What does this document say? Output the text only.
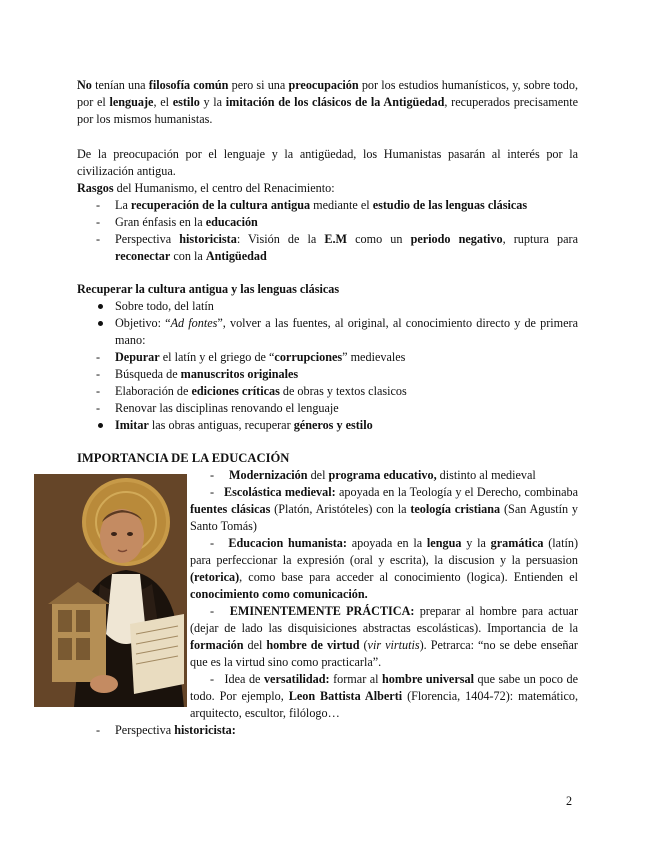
No tenían una filosofía común pero si una preocupación por los estudios humanísticos, y, sobre todo, por el lenguaje, el estilo y la imitación de los clásicos de la Antigüedad, recuperados precisamente por los mismos humanistas.

De la preocupación por el lenguaje y la antigüedad, los Humanistas pasarán al interés por la civilización antigua.

Rasgos del Humanismo, el centro del Renacimiento:

- La recuperación de la cultura antigua mediante el estudio de las lenguas clásicas

- Gran énfasis en la educación

- Perspectiva historicista: Visión de la E.M como un periodo negativo, ruptura para reconectar con la Antigüedad

Recuperar la cultura antigua y las lenguas clásicas

Sobre todo, del latín

Objetivo: “Ad fontes”, volver a las fuentes, al original, al conocimiento directo y de primera mano:

- Depurar el latín y el griego de “corrupciones” medievales

- Búsqueda de manuscritos originales

- Elaboración de ediciones críticas de obras y textos clasicos

- Renovar las disciplinas renovando el lenguaje

Imitar las obras antiguas, recuperar géneros y estilo

IMPORTANCIA DE LA EDUCACIÓN

- Modernización del programa educativo, distinto al medieval

- Escolástica medieval: apoyada en la Teología y el Derecho, combinaba fuentes clásicas (Platón, Aristóteles) con la teología cristiana (San Agustín y Santo Tomás)

- Educacion humanista: apoyada en la lengua y la gramática (latín) para perfeccionar la expresión (oral y escrita), la discusion y la persuasion (retorica), como base para acceder al conocimiento (logica). Entienden el conocimiento como comunicación.

- EMINENTEMENTE PRÁCTICA: preparar al hombre para actuar (dejar de lado las disquisiciones abstractas escolásticas). Importancia de la formación del hombre de virtud (vir virtutis). Petrarca: “no se debe enseñar que es la virtud sino como practicarla”.

- Idea de versatilidad: formar al hombre universal que sabe un poco de todo. Por ejemplo, Leon Battista Alberti (Florencia, 1404-72): matemático, arquitecto, escultor, filólogo…

- Perspectiva historicista:

2
